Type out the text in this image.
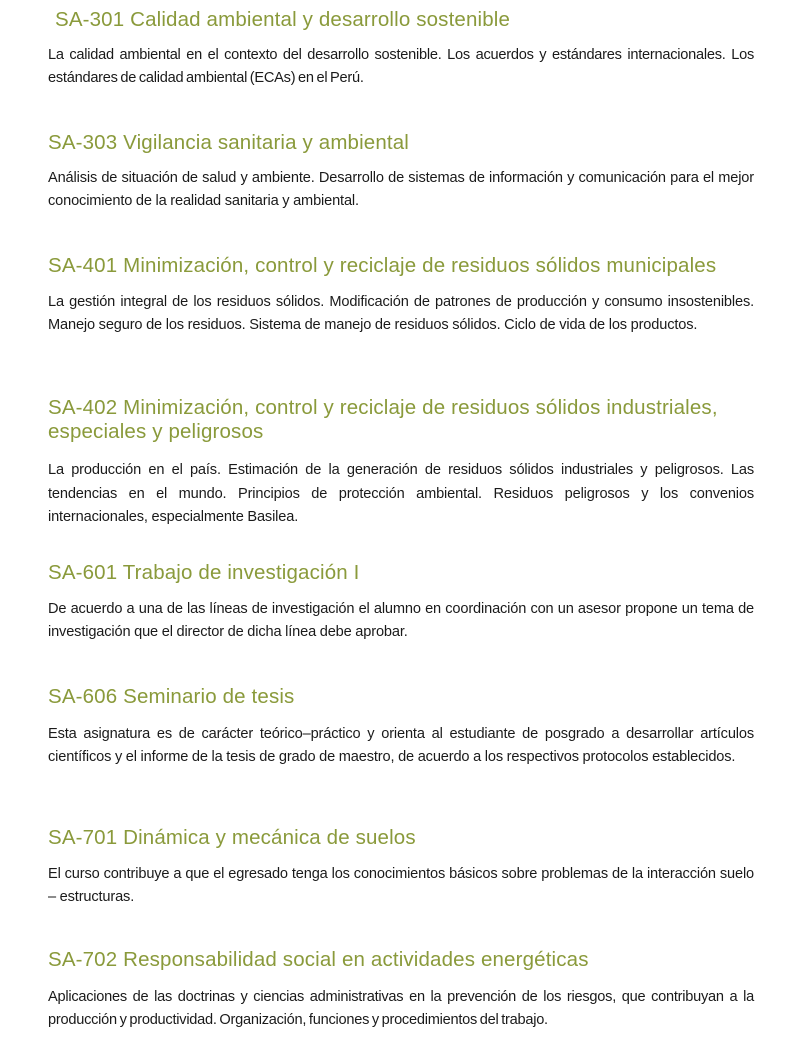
SA-301 Calidad ambiental y desarrollo sostenible

La calidad ambiental en el contexto del desarrollo sostenible. Los acuerdos y estándares internacionales. Los estándares de calidad ambiental (ECAs) en el Perú.

SA-303 Vigilancia sanitaria y ambiental

Análisis de situación de salud y ambiente. Desarrollo de sistemas de información y comunicación para el mejor conocimiento de la realidad sanitaria y ambiental.

SA-401 Minimización, control y reciclaje de residuos sólidos municipales

La gestión integral de los residuos sólidos. Modificación de patrones de producción y consumo insostenibles. Manejo seguro de los residuos. Sistema de manejo de residuos sólidos. Ciclo de vida de los productos.

SA-402 Minimización, control y reciclaje de residuos sólidos industriales, especiales y peligrosos

La producción en el país. Estimación de la generación de residuos sólidos industriales y peligrosos. Las tendencias en el mundo. Principios de protección ambiental. Residuos peligrosos y los convenios internacionales, especialmente Basilea.

SA-601 Trabajo de investigación I

De acuerdo a una de las líneas de investigación el alumno en coordinación con un asesor propone un tema de investigación que el director de dicha línea debe aprobar.

SA-606 Seminario de tesis

Esta asignatura es de carácter teórico–práctico y orienta al estudiante de posgrado a desarrollar artículos científicos y el informe de la tesis de grado de maestro, de acuerdo a los respectivos protocolos establecidos.

SA-701 Dinámica y mecánica de suelos

El curso contribuye a que el egresado tenga los conocimientos básicos sobre problemas de la interacción suelo – estructuras.

SA-702 Responsabilidad social en actividades energéticas

Aplicaciones de las doctrinas y ciencias administrativas en la prevención de los riesgos, que contribuyan a la producción y productividad. Organización, funciones y procedimientos del trabajo.
